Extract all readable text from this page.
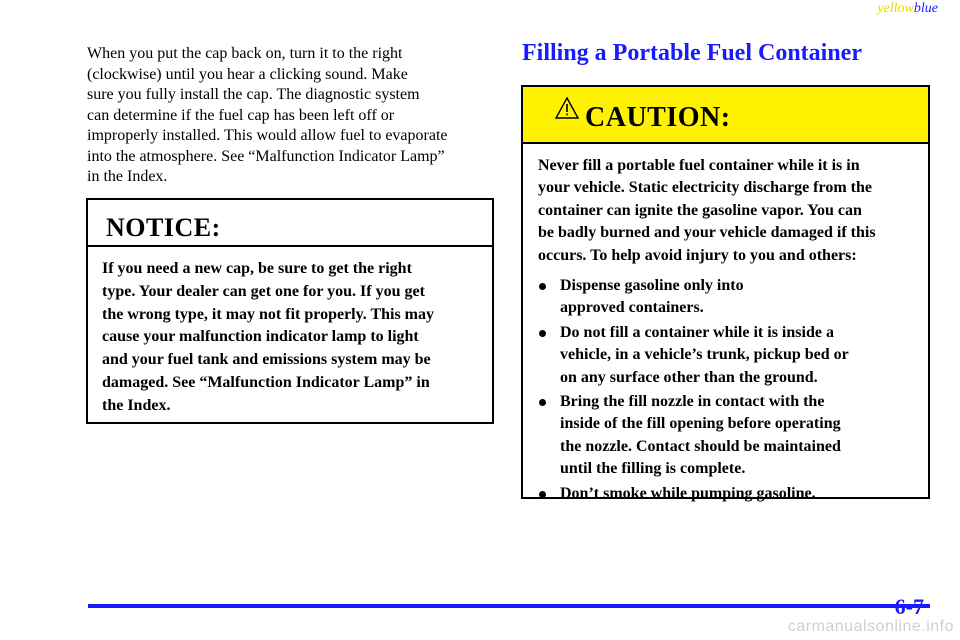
yellowblue
When you put the cap back on, turn it to the right
(clockwise) until you hear a clicking sound. Make
sure you fully install the cap. The diagnostic system
can determine if the fuel cap has been left off or
improperly installed. This would allow fuel to evaporate
into the atmosphere. See “Malfunction Indicator Lamp”
in the Index.
NOTICE:
If you need a new cap, be sure to get the right
type. Your dealer can get one for you. If you get
the wrong type, it may not fit properly. This may
cause your malfunction indicator lamp to light
and your fuel tank and emissions system may be
damaged. See “Malfunction Indicator Lamp” in
the Index.
Filling a Portable Fuel Container
CAUTION:
Never fill a portable fuel container while it is in
your vehicle. Static electricity discharge from the
container can ignite the gasoline vapor. You can
be badly burned and your vehicle damaged if this
occurs. To help avoid injury to you and others:
Dispense gasoline only into
approved containers.
Do not fill a container while it is inside a
vehicle, in a vehicle’s trunk, pickup bed or
on any surface other than the ground.
Bring the fill nozzle in contact with the
inside of the fill opening before operating
the nozzle. Contact should be maintained
until the filling is complete.
Don’t smoke while pumping gasoline.
6-7
carmanualsonline.info
